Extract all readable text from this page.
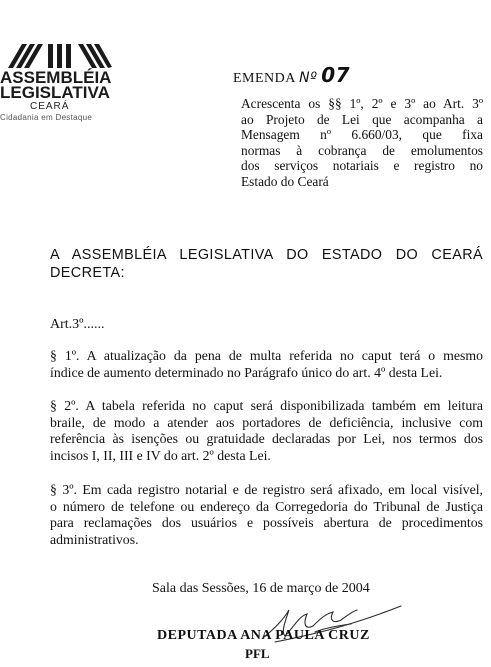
ASSEMBLÉIA
LEGISLATIVA
CEARÁ
Cidadania em Destaque
EMENDA Nº 07
Acrescenta os §§ 1º, 2º e 3º ao Art. 3º
ao Projeto de Lei que acompanha a
Mensagem nº 6.660/03, que fixa
normas à cobrança de emolumentos
dos serviços notariais e registro no
Estado do Ceará
A ASSEMBLÉIA LEGISLATIVA DO ESTADO DO CEARÁ
DECRETA:
Art.3º......
§ 1º. A atualização da pena de multa referida no caput terá o mesmo
índice de aumento determinado no Parágrafo único do art. 4º desta Lei.
§ 2º. A tabela referida no caput será disponibilizada também em leitura
braile, de modo a atender aos portadores de deficiência, inclusive com
referência às isenções ou gratuidade declaradas por Lei, nos termos dos
incisos I, II, III e IV do art. 2º desta Lei.
§ 3º. Em cada registro notarial e de registro será afixado, em local visível,
o número de telefone ou endereço da Corregedoria do Tribunal de Justiça
para reclamações dos usuários e possíveis abertura de procedimentos
administrativos.
Sala das Sessões, 16 de março de 2004
DEPUTADA ANA PAULA CRUZ
PFL
